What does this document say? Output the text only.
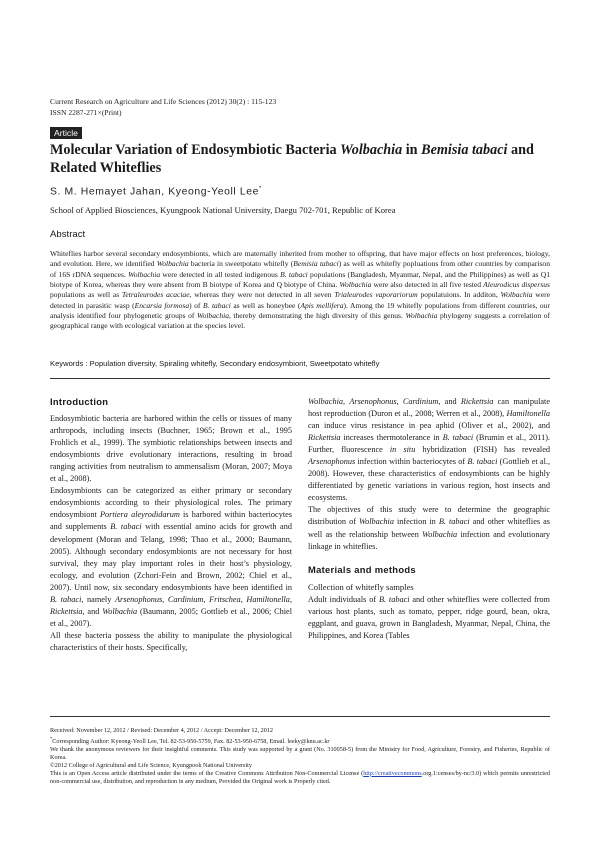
Current Research on Agriculture and Life Sciences (2012) 30(2) : 115-123
ISSN 2287-271×(Print)
Article
Molecular Variation of Endosymbiotic Bacteria Wolbachia in Bemisia tabaci and Related Whiteflies
S. M. Hemayet Jahan, Kyeong-Yeoll Lee*
School of Applied Biosciences, Kyungpook National University, Daegu 702-701, Republic of Korea
Abstract
Whiteflies harbor several secondary endosymbionts, which are maternally inherited from mother to offspring, that have major effects on host preferences, biology, and evolution. Here, we identified Wolbachia bacteria in sweetpotato whitefly (Bemisia tabaci) as well as whitefly popluations from other countries by comparison of 16S rDNA sequences. Wolbachia were detected in all tested indigenous B. tabaci populations (Bangladesh, Myanmar, Nepal, and the Philippines) as well as Q1 biotype of Korea, whereas they were absent from B biotype of Korea and Q biotype of China. Wolbachia were also detected in all five tested Aleurodicus dispersus populations as well as Tetraleurodes acaciae, whereas they were not detected in all seven Trialeurodes vaporariorum populatuions. In additon, Wolbachia were detected in parasitic wasp (Encarsia formosa) of B. tabaci as well as honeybee (Apis mellifera). Among the 19 whitefly populations from different countries, our analysis identified four phylogenetic groups of Wolbachia, thereby demonstrating the high diversity of this genus. Wolbachia phylogeny suggests a correlation of geographical range with ecological variation at the species level.
Keywords : Population diversity, Spiraling whitefly, Secondary endosymbiont, Sweetpotato whitefly
Introduction

Endosymbiotic bacteria are harbored within the cells or tissues of many arthropods, including insects (Buchner, 1965; Brown et al., 1995 Frohlich et al., 1999). The symbiotic relationships between insects and endosymbionts drive evolutionary interactions, resulting in broad ranging activities from neutralism to ammensalism (Moran, 2007; Moya et al., 2008).

Endosymbionts can be categorized as either primary or secondary endosymbionts according to their physiological roles. The primary endosymbiont Portiera aleyrodidarum is harbored within bacteriocytes and supplements B. tabaci with essential amino acids for growth and development (Moran and Telang, 1998; Thao et al., 2000; Baumann, 2005). Although secondary endosymbionts are not necessary for host survival, they may play important roles in their host’s physiology, ecology, and evolution (Zchori-Fein and Brown, 2002; Chiel et al., 2007). Until now, six secondary endosymbionts have been identified in B. tabaci, namely Arsenophonus, Cardinium, Fritschea, Hamiltonella, Rickettsia, and Wolbachia (Baumann, 2005; Gottlieb et al., 2006; Chiel et al., 2007).

All these bacteria possess the ability to manipulate the physiological characteristics of their hosts. Specifically,

Wolbachia, Arsenophonus, Cardinium, and Rickettsia can manipulate host reproduction (Duron et al., 2008; Werren et al., 2008), Hamiltonella can induce virus resistance in pea aphid (Oliver et al., 2002), and Rickettsia increases thermotolerance in B. tabaci (Brumin et al., 2011). Further, fluorescence in situ hybridization (FISH) has revealed Arsenophonus infection within bacteriocytes of B. tabaci (Gottlieb et al., 2008). However, these characteristics of endosymbionts can be highly differentiated by genetic variations in various region, host insects and ecosystems.

The objectives of this study were to determine the geographic distribution of Wolbachia infection in B. tabaci and other whiteflies as well as the relationship between Wolbachia infection and evolutionary linkage in whiteflies.

Materials and methods
Collection of whitefly samples

Adult individuals of B. tabaci and other whiteflies were collected from various host plants, such as tomato, pepper, ridge gourd, bean, okra, eggplant, and guava, grown in Bangladesh, Myanmar, Nepal, China, the Philippines, and Korea (Tables

Received: November 12, 2012 / Revised: December 4, 2012 / Accept: December 12, 2012
*Corresponding Author: Kyeong-Yeoll Lee, Tel. 82-53-950-5759, Fax. 82-53-950-6758, Email. leeky@knu.ac.kr
We thank the anonymous reviewers for their insightful comments. This study was supported by a grant (No. 310058-5) from the Ministry for Food, Agriculture, Forestry, and Fisheries, Republic of Korea.
©2012 College of Agricultural and Life Science, Kyungpook National University
This is an Open Access article distributed under the terms of the Creative Commons Attribution Non-Commercial License (http://creativecommons.org.1:censes/by-nc/3.0) which permits unrestricted non-commercial use, distribution, and reproduction in any medium, Provided the Original work is Properly cited.
